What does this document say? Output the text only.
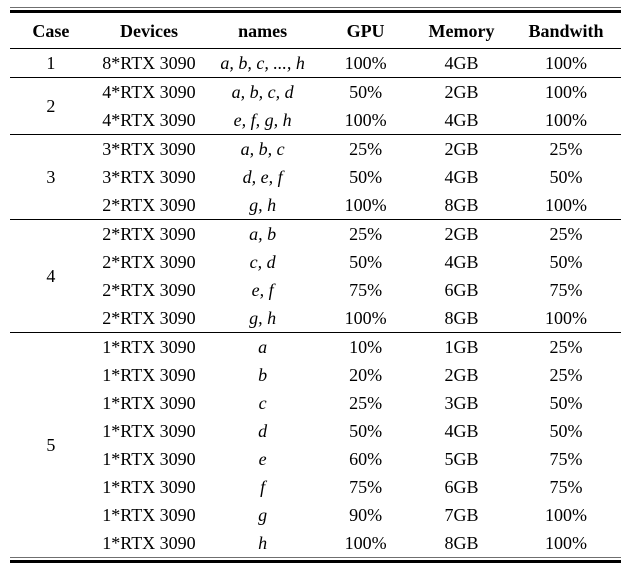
Case	Devices	names	GPU	Memory	Bandwith
1	8*RTX 3090	a, b, c, ..., h	100%	4GB	100%
2	4*RTX 3090	a, b, c, d	50%	2GB	100%
	4*RTX 3090	e, f, g, h	100%	4GB	100%
3	3*RTX 3090	a, b, c	25%	2GB	25%
	3*RTX 3090	d, e, f	50%	4GB	50%
	2*RTX 3090	g, h	100%	8GB	100%
4	2*RTX 3090	a, b	25%	2GB	25%
	2*RTX 3090	c, d	50%	4GB	50%
	2*RTX 3090	e, f	75%	6GB	75%
	2*RTX 3090	g, h	100%	8GB	100%
5	1*RTX 3090	a	10%	1GB	25%
	1*RTX 3090	b	20%	2GB	25%
	1*RTX 3090	c	25%	3GB	50%
	1*RTX 3090	d	50%	4GB	50%
	1*RTX 3090	e	60%	5GB	75%
	1*RTX 3090	f	75%	6GB	75%
	1*RTX 3090	g	90%	7GB	100%
	1*RTX 3090	h	100%	8GB	100%
